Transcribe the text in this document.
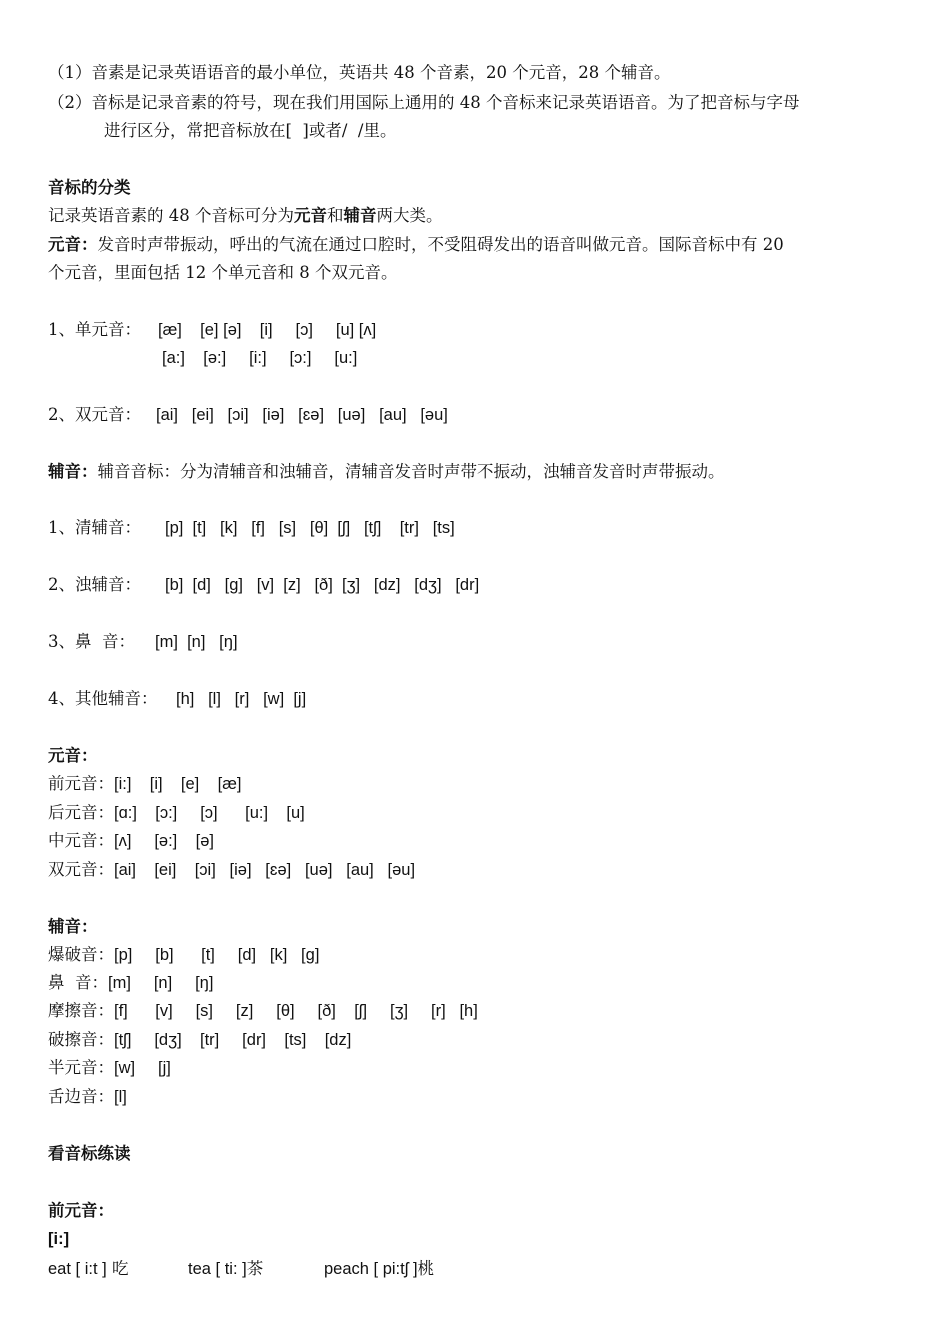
（1）音素是记录英语语音的最小单位，英语共 48 个音素，20 个元音，28 个辅音。
（2）音标是记录音素的符号，现在我们用国际上通用的 48 个音标来记录英语语音。为了把音标与字母
进行区分，常把音标放在[  ]或者/  /里。
音标的分类
记录英语音素的 48 个音标可分为元音和辅音两大类。
元音：发音时声带振动，呼出的气流在通过口腔时，不受阻碍发出的语音叫做元音。国际音标中有 20
个元音，里面包括 12 个单元音和 8 个双元音。
1、单元音： [æ]    [e] [ə]    [i]     [ɔ]     [u] [ʌ]
[a:]    [ə:]     [i:]     [ɔ:]     [u:]
2、双元音： [ai]   [ei]   [ɔi]   [iə]   [ɛə]   [uə]   [au]   [əu]
辅音：辅音音标：分为清辅音和浊辅音，清辅音发音时声带不振动，浊辅音发音时声带振动。
1、清辅音： [p]  [t]   [k]   [f]   [s]   [θ]  [ʃ]   [tʃ]    [tr]   [ts]
2、浊辅音： [b]  [d]   [g]   [v]  [z]   [ð]  [ʒ]   [dz]   [dʒ]   [dr]
3、鼻  音： [m]  [n]   [ŋ]
4、其他辅音： [h]   [l]   [r]   [w]  [j]
元音：
前元音：[i:]    [i]    [e]    [æ]
后元音：[ɑ:]    [ɔ:]     [ɔ]      [u:]    [u]
中元音：[ʌ]     [ə:]    [ə]
双元音：[ai]    [ei]    [ɔi]   [iə]   [ɛə]   [uə]   [au]   [əu]
辅音：
爆破音：[p]     [b]      [t]     [d]   [k]   [g]
鼻  音：[m]     [n]     [ŋ]
摩擦音：[f]      [v]     [s]     [z]     [θ]     [ð]    [ʃ]     [ʒ]     [r]   [h]
破擦音：[tʃ]     [dʒ]    [tr]     [dr]    [ts]    [dz]
半元音：[w]     [j]
舌边音：[l]
看音标练读
前元音：
[i:]
eat [ i:t ] 吃	tea [ ti: ]茶	peach [ pi:tʃ ]桃
